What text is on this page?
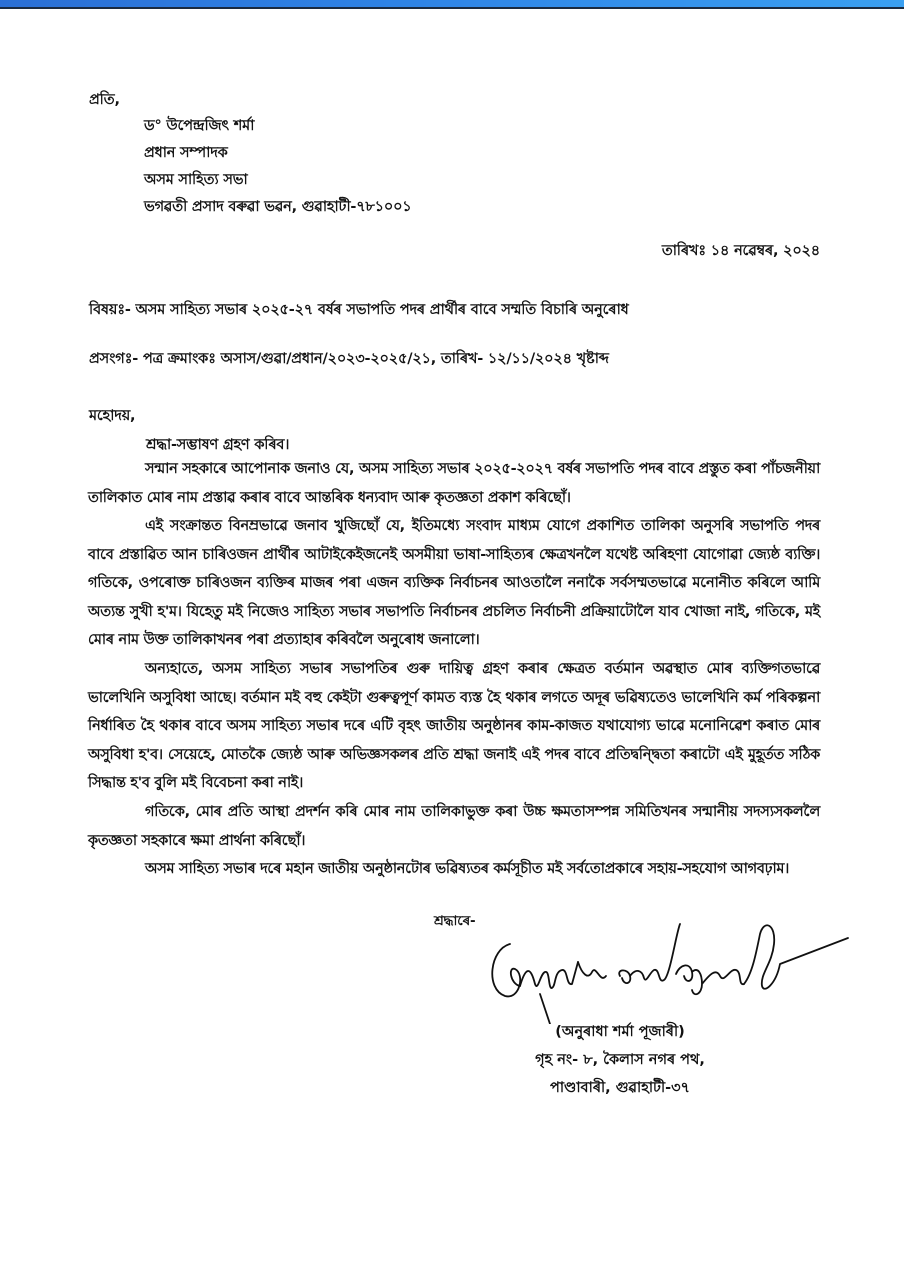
প্ৰতি,
ড° উপেন্দ্ৰজিৎ শৰ্মা
প্ৰধান সম্পাদক
অসম সাহিত্য সভা
ভগৱতী প্ৰসাদ বৰুৱা ভৱন, গুৱাহাটী-৭৮১০০১
তাৰিখঃ ১৪ নৱেম্বৰ, ২০২৪
বিষয়ঃ- অসম সাহিত্য সভাৰ ২০২৫-২৭ বৰ্ষৰ সভাপতি পদৰ প্ৰাৰ্থীৰ বাবে সম্মতি বিচাৰি অনুৰোধ
প্ৰসংগঃ- পত্ৰ ক্ৰমাংকঃ অসাস/গুৱা/প্ৰধান/২০২৩-২০২৫/২১, তাৰিখ- ১২/১১/২০২৪ খৃষ্টাব্দ
মহোদয়,
শ্ৰদ্ধা-সম্ভাষণ গ্ৰহণ কৰিব।
সন্মান সহকাৰে আপোনাক জনাও যে, অসম সাহিত্য সভাৰ ২০২৫-২০২৭ বৰ্ষৰ সভাপতি পদৰ বাবে প্ৰস্তুত কৰা পাঁচজনীয়া তালিকাত মোৰ নাম প্ৰস্তাৱ কৰাৰ বাবে আন্তৰিক ধন্যবাদ আৰু কৃতজ্ঞতা প্ৰকাশ কৰিছোঁ।
এই সংক্ৰান্তত বিনম্ৰভাৱে জনাব খুজিছোঁ যে, ইতিমধ্যে সংবাদ মাধ্যম যোগে প্ৰকাশিত তালিকা অনুসৰি সভাপতি পদৰ বাবে প্ৰস্তাৱিত আন চাৰিওজন প্ৰাৰ্থীৰ আটাইকেইজনেই অসমীয়া ভাষা-সাহিত্যৰ ক্ষেত্ৰখনলৈ যথেষ্ট অৰিহণা যোগোৱা জ্যেষ্ঠ ব্যক্তি। গতিকে, ওপৰোক্ত চাৰিওজন ব্যক্তিৰ মাজৰ পৰা এজন ব্যক্তিক নিৰ্বাচনৰ আওতালৈ ননাকৈ সৰ্বসম্মতভাৱে মনোনীত কৰিলে আমি অত্যন্ত সুখী হ'ম। যিহেতু মই নিজেও সাহিত্য সভাৰ সভাপতি নিৰ্বাচনৰ প্ৰচলিত নিৰ্বাচনী প্ৰক্ৰিয়াটোলৈ যাব খোজা নাই, গতিকে, মই মোৰ নাম উক্ত তালিকাখনৰ পৰা প্ৰত্যাহাৰ কৰিবলৈ অনুৰোধ জনালো।
অন্যহাতে, অসম সাহিত্য সভাৰ সভাপতিৰ গুৰু দায়িত্ব গ্ৰহণ কৰাৰ ক্ষেত্ৰত বৰ্তমান অৱস্থাত মোৰ ব্যক্তিগতভাৱে ভালেখিনি অসুবিধা আছে। বৰ্তমান মই বহু কেইটা গুৰুত্বপূৰ্ণ কামত ব্যস্ত হৈ থকাৰ লগতে অদূৰ ভৱিষ্যতেও ভালেখিনি কৰ্ম পৰিকল্পনা নিৰ্ধাৰিত হৈ থকাৰ বাবে অসম সাহিত্য সভাৰ দৰে এটি বৃহৎ জাতীয় অনুষ্ঠানৰ কাম-কাজত যথাযোগ্য ভাৱে মনোনিৱেশ কৰাত মোৰ অসুবিধা হ'ব। সেয়েহে, মোতকৈ জ্যেষ্ঠ আৰু অভিজ্ঞসকলৰ প্ৰতি শ্ৰদ্ধা জনাই এই পদৰ বাবে প্ৰতিদ্বন্দ্বিতা কৰাটো এই মুহূৰ্তত সঠিক সিদ্ধান্ত হ'ব বুলি মই বিবেচনা কৰা নাই।
গতিকে, মোৰ প্ৰতি আস্থা প্ৰদৰ্শন কৰি মোৰ নাম তালিকাভুক্ত কৰা উচ্চ ক্ষমতাসম্পন্ন সমিতিখনৰ সন্মানীয় সদস্যসকললৈ কৃতজ্ঞতা সহকাৰে ক্ষমা প্ৰাৰ্থনা কৰিছোঁ।
অসম সাহিত্য সভাৰ দৰে মহান জাতীয় অনুষ্ঠানটোৰ ভৱিষ্যতৰ কৰ্মসূচীত মই সৰ্বতোপ্ৰকাৰে সহায়-সহযোগ আগবঢ়াম।
শ্ৰদ্ধাৰে-
(অনুৰাধা শৰ্মা পূজাৰী)
গৃহ নং- ৮, কৈলাস নগৰ পথ,
পাণ্ডাবাৰী, গুৱাহাটী-৩৭
